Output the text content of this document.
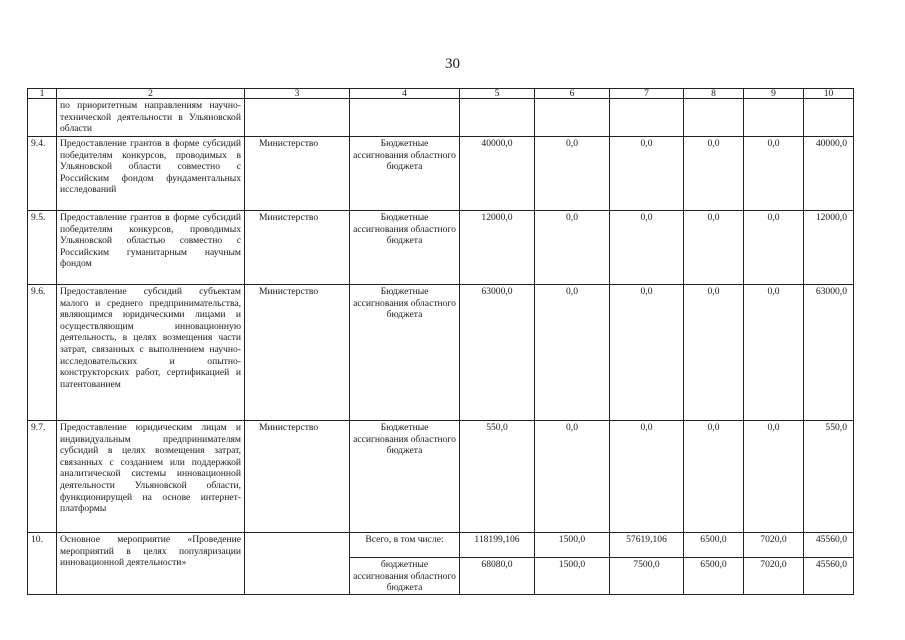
30
1	2	3	4	5	6	7	8	9	10
	по приоритетным направлениям научно-технической деятельности в Ульяновской области								
9.4.	Предоставление грантов в форме субсидий победителям конкурсов, проводимых в Ульяновской области совместно с Российским фондом фундаментальных исследований	Министерство	Бюджетные ассигнования областного бюджета	40000,0	0,0	0,0	0,0	0,0	40000,0
9.5.	Предоставление грантов в форме субсидий победителям конкурсов, проводимых Ульяновской областью совместно с Российским гуманитарным научным фондом	Министерство	Бюджетные ассигнования областного бюджета	12000,0	0,0	0,0	0,0	0,0	12000,0
9.6.	Предоставление субсидий субъектам малого и среднего предпринимательства, являющимся юридическими лицами и осуществляющим инновационную деятельность, в целях возмещения части затрат, связанных с выполнением научно-исследовательских и опытно-конструкторских работ, сертификацией и патентованием	Министерство	Бюджетные ассигнования областного бюджета	63000,0	0,0	0,0	0,0	0,0	63000,0
9.7.	Предоставление юридическим лицам и индивидуальным предпринимателям субсидий в целях возмещения затрат, связанных с созданием или поддержкой аналитической системы инновационной деятельности Ульяновской области, функционирущей на основе интернет-платформы	Министерство	Бюджетные ассигнования областного бюджета	550,0	0,0	0,0	0,0	0,0	550,0
10.	Основное мероприятие «Проведение мероприятий в целях популяризации инновационной деятельности»		Всего, в том числе:	118199,106	1500,0	57619,106	6500,0	7020,0	45560,0
			бюджетные ассигнования областного бюджета	68080,0	1500,0	7500,0	6500,0	7020,0	45560,0
